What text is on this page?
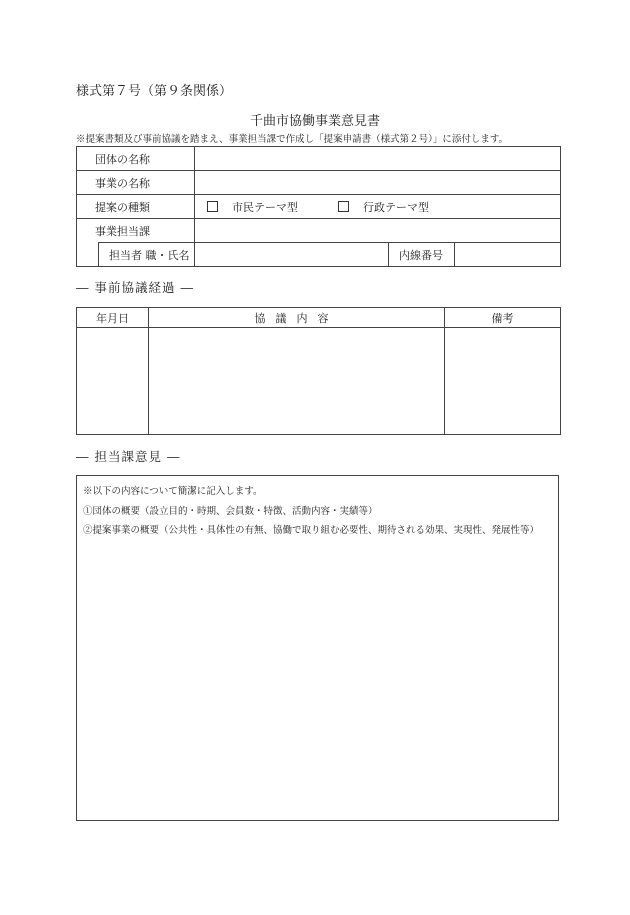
様式第７号（第９条関係）
千曲市協働事業意見書
※提案書類及び事前協議を踏まえ、事業担当課で作成し「提案申請書（様式第２号）」に添付します。
団体の名称				
事業の名称				
提案の種類		市民テーマ型 行政テーマ型		
事業担当課				
	担当者 職・氏名		内線番号	
― 事前協議経過 ―
年月日	協議内容	備考

― 担当課意見 ―
※以下の内容について簡潔に記入します。
①団体の概要（設立目的・時期、会員数・特徴、活動内容・実績等）
②提案事業の概要（公共性・具体性の有無、協働で取り組む必要性、期待される効果、実現性、発展性等）
